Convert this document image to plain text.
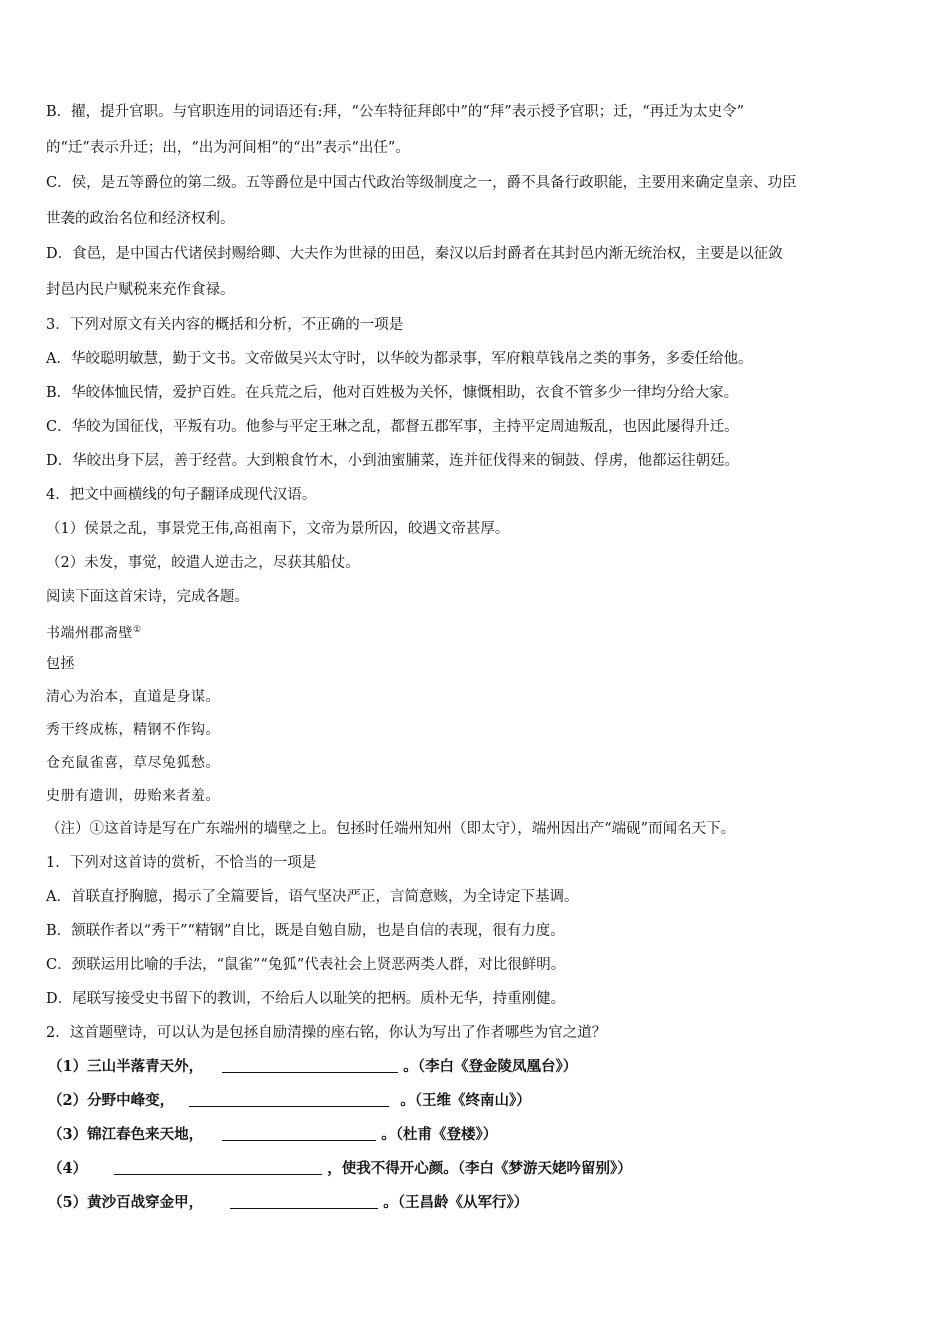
B．擢，提升官职。与官职连用的词语还有:拜，“公车特征拜郎中”的“拜”表示授予官职；迁，“再迁为太史令”
的“迁”表示升迁；出，“出为河间相”的“出”表示“出任”。
C．侯，是五等爵位的第二级。五等爵位是中国古代政治等级制度之一，爵不具备行政职能，主要用来确定皇亲、功臣
世袭的政治名位和经济权利。
D．食邑，是中国古代诸侯封赐给卿、大夫作为世禄的田邑，秦汉以后封爵者在其封邑内渐无统治权，主要是以征敛
封邑内民户赋税来充作食禄。
3．下列对原文有关内容的概括和分析，不正确的一项是
A．华皎聪明敏慧，勤于文书。文帝做吴兴太守时，以华皎为都录事，军府粮草钱帛之类的事务，多委任给他。
B．华皎体恤民情，爱护百姓。在兵荒之后，他对百姓极为关怀，慷慨相助，衣食不管多少一律均分给大家。
C．华皎为国征伐，平叛有功。他参与平定王琳之乱，都督五郡军事，主持平定周迪叛乱，也因此屡得升迁。
D．华皎出身下层，善于经营。大到粮食竹木，小到油蜜脯菜，连并征伐得来的铜鼓、俘虏，他都运往朝廷。
4．把文中画横线的句子翻译成现代汉语。
（1）侯景之乱，事景党王伟,高祖南下，文帝为景所囚，皎遇文帝甚厚。
（2）未发，事觉，皎遣人逆击之，尽获其船仗。
阅读下面这首宋诗，完成各题。
书端州郡斋壁①
包拯
清心为治本，直道是身谋。
秀干终成栋，精钢不作钩。
仓充鼠雀喜，草尽兔狐愁。
史册有遗训，毋贻来者羞。
（注）①这首诗是写在广东端州的墙壁之上。包拯时任端州知州（即太守），端州因出产“端砚”而闻名天下。
1．下列对这首诗的赏析，不恰当的一项是
A．首联直抒胸臆，揭示了全篇要旨，语气坚决严正，言简意赅，为全诗定下基调。
B．颔联作者以“秀干”“精钢”自比，既是自勉自励，也是自信的表现，很有力度。
C．颈联运用比喻的手法，“鼠雀”“兔狐”代表社会上贤恶两类人群，对比很鲜明。
D．尾联写接受史书留下的教训，不给后人以耻笑的把柄。质朴无华，持重刚健。
2．这首题壁诗，可以认为是包拯自励清操的座右铭，你认为写出了作者哪些为官之道？
（1）三山半落青天外，	。（李白《登金陵凤凰台》）
（2）分野中峰变，	。（王维《终南山》）
（3）锦江春色来天地，	。（杜甫《登楼》）
（4）	，使我不得开心颜。（李白《梦游天姥吟留别》）
（5）黄沙百战穿金甲，	。（王昌龄《从军行》）
